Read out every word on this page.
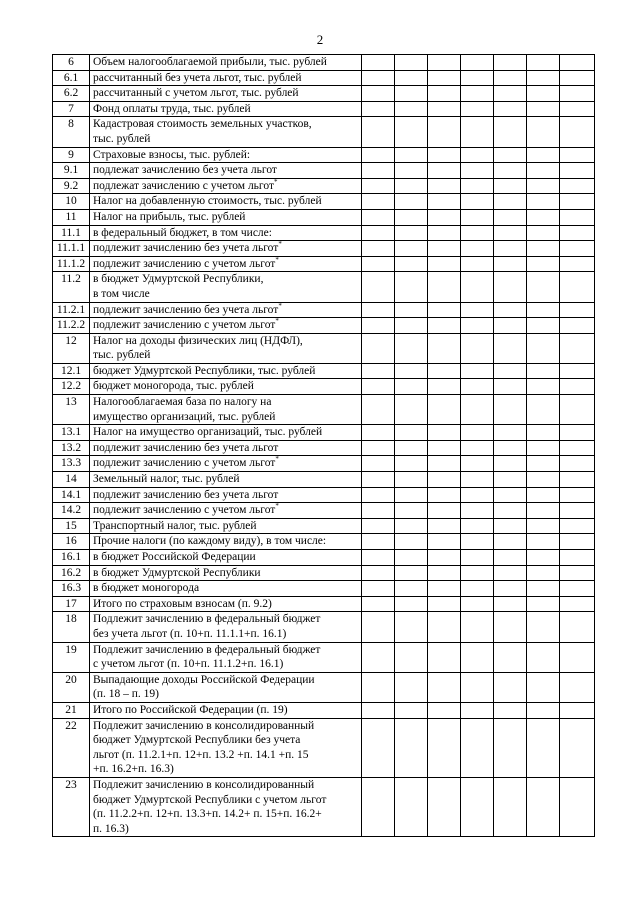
2
6	Объем налогооблагаемой прибыли, тыс. рублей							
6.1	рассчитанный без учета льгот, тыс. рублей							
6.2	рассчитанный с учетом льгот, тыс. рублей							
7	Фонд оплаты труда, тыс. рублей							
8	Кадастровая стоимость земельных участков,
тыс. рублей							
9	Страховые взносы, тыс. рублей:							
9.1	подлежат зачислению без учета льгот							
9.2	подлежат зачислению с учетом льгот*							
10	Налог на добавленную стоимость, тыс. рублей							
11	Налог на прибыль, тыс. рублей							
11.1	в федеральный бюджет, в том числе:							
11.1.1	подлежит зачислению без учета льгот*							
11.1.2	подлежит зачислению с учетом льгот*							
11.2	в бюджет Удмуртской Республики,
в том числе							
11.2.1	подлежит зачислению без учета льгот*							
11.2.2	подлежит зачислению с учетом льгот*							
12	Налог на доходы физических лиц (НДФЛ),
тыс. рублей							
12.1	бюджет Удмуртской Республики, тыс. рублей							
12.2	бюджет моногорода, тыс. рублей							
13	Налогооблагаемая база по налогу на
имущество организаций, тыс. рублей							
13.1	Налог на имущество организаций, тыс. рублей							
13.2	подлежит зачислению без учета льгот							
13.3	подлежит зачислению с учетом льгот*							
14	Земельный налог, тыс. рублей							
14.1	подлежит зачислению без учета льгот							
14.2	подлежит зачислению с учетом льгот*							
15	Транспортный налог, тыс. рублей							
16	Прочие налоги (по каждому виду), в том числе:							
16.1	в бюджет Российской Федерации							
16.2	в бюджет Удмуртской Республики							
16.3	в бюджет моногорода							
17	Итого по страховым взносам (п. 9.2)							
18	Подлежит зачислению в федеральный бюджет
без учета льгот (п. 10+п. 11.1.1+п. 16.1)							
19	Подлежит зачислению в федеральный бюджет
с учетом льгот (п. 10+п. 11.1.2+п. 16.1)							
20	Выпадающие доходы Российской Федерации
(п. 18 – п. 19)							
21	Итого по Российской Федерации (п. 19)							
22	Подлежит зачислению в консолидированный
бюджет Удмуртской Республики без учета
льгот (п. 11.2.1+п. 12+п. 13.2 +п. 14.1 +п. 15
+п. 16.2+п. 16.3)							
23	Подлежит зачислению в консолидированный
бюджет Удмуртской Республики с учетом льгот
(п. 11.2.2+п. 12+п. 13.3+п. 14.2+ п. 15+п. 16.2+
п. 16.3)							
